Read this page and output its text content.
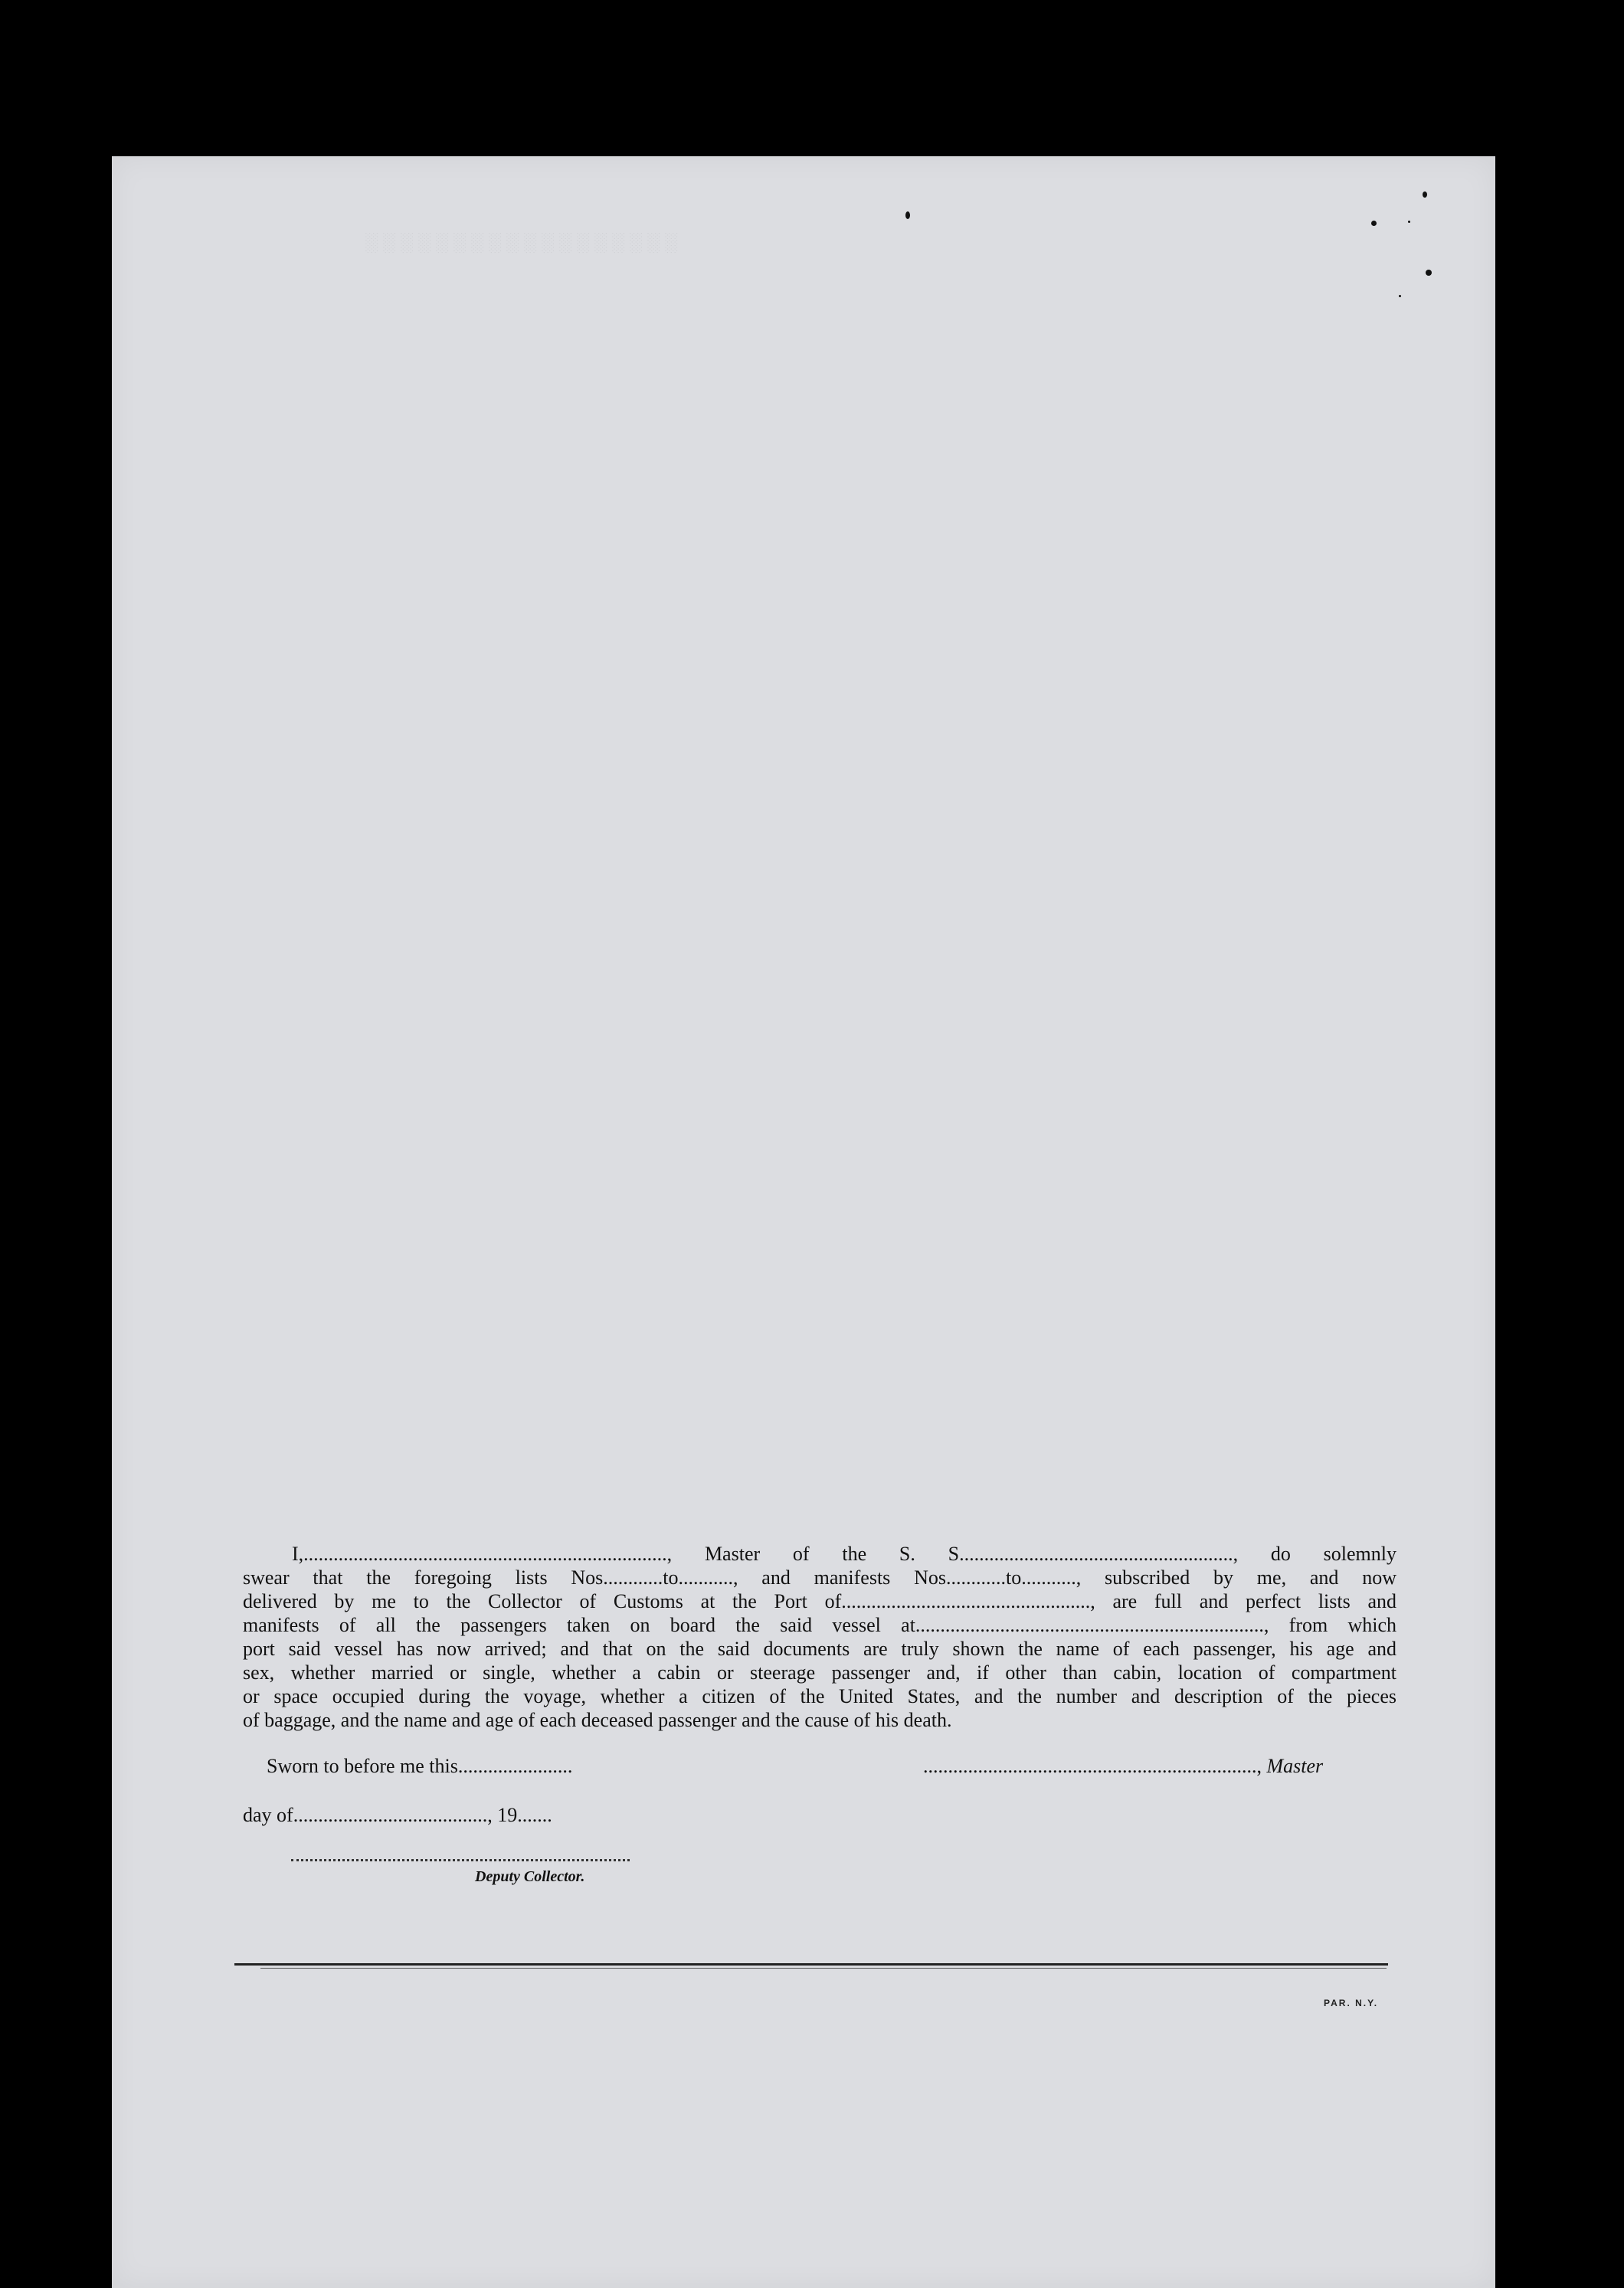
░░░░░░░░░░░░░░░░░░
I,........................................................................., Master of the S. S......................................................., do solemnly
swear that the foregoing lists Nos............to..........., and manifests Nos............to..........., subscribed by me, and now
delivered by me to the Collector of Customs at the Port of.................................................., are full and perfect lists and
manifests of all the passengers taken on board the said vessel at......................................................................, from which
port said vessel has now arrived; and that on the said documents are truly shown the name of each passenger, his age and
sex, whether married or single, whether a cabin or steerage passenger and, if other than cabin, location of compartment
or space occupied during the voyage, whether a citizen of the United States, and the number and description of the pieces
of baggage, and the name and age of each deceased passenger and the cause of his death.
Sworn to before me this.......................
day of......................................., 19.......
..................................................................., Master
Deputy Collector.
PAR. N.Y.
